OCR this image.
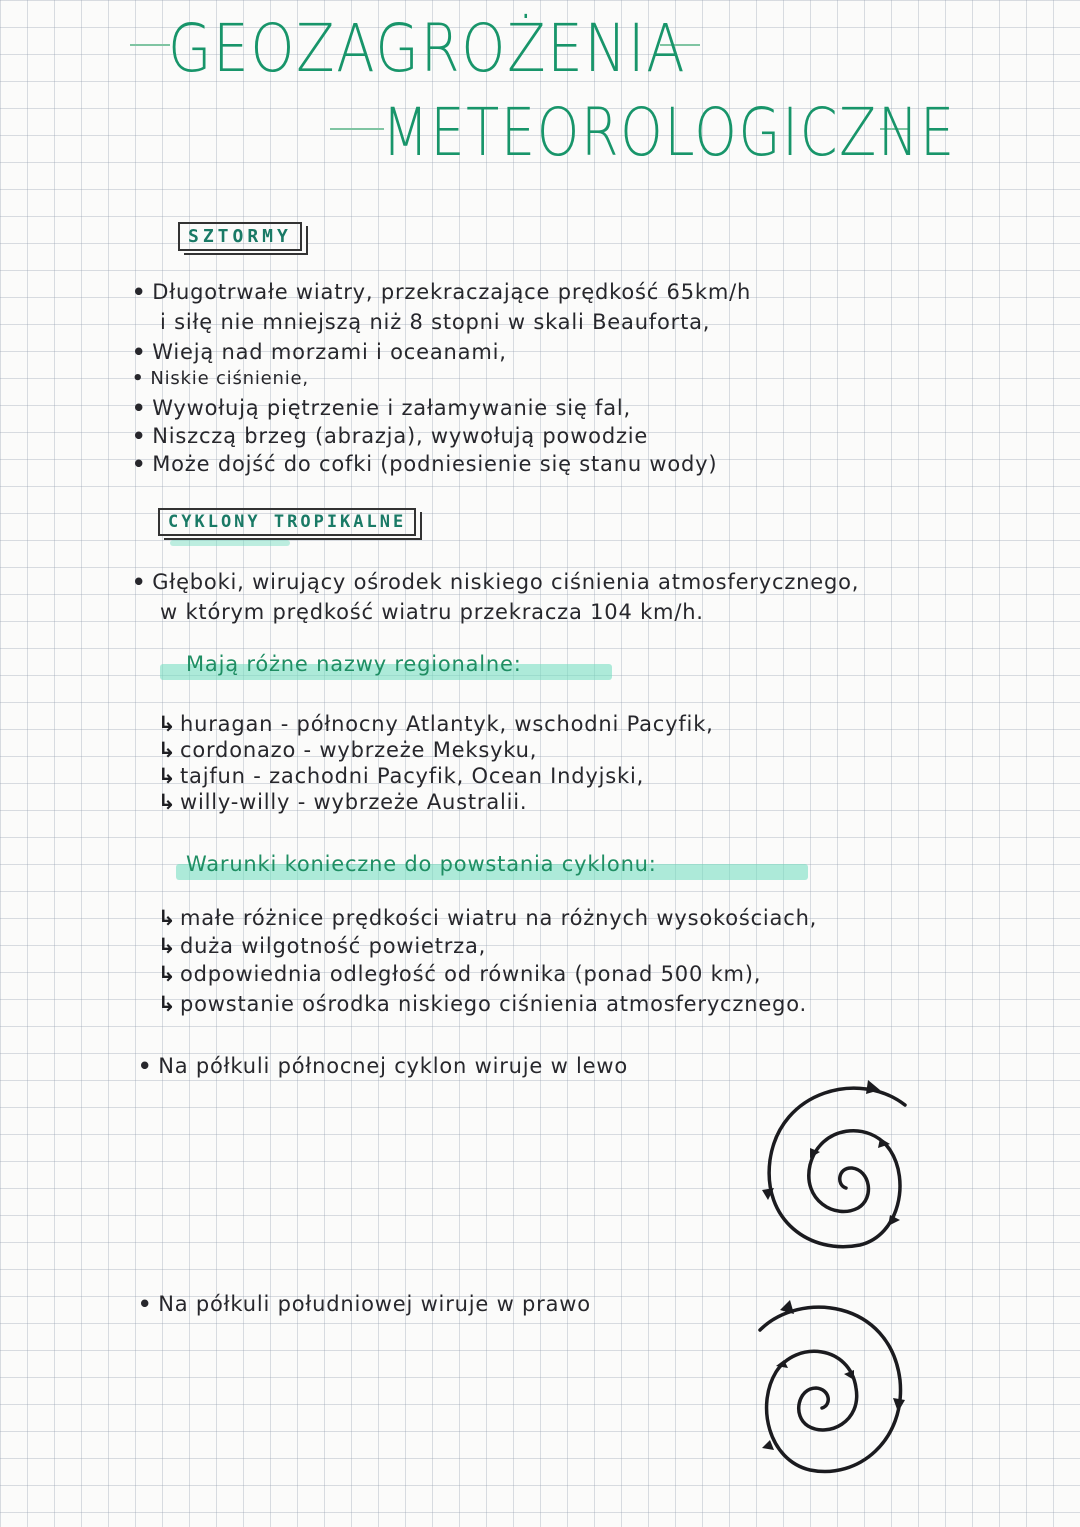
GEOZAGROŻENIA
METEOROLOGICZNE
SZTORMY
• Długotrwałe wiatry, przekraczające prędkość 65km/h
i siłę nie mniejszą niż 8 stopni w skali Beauforta,
• Wieją nad morzami i oceanami,
• Niskie ciśnienie,
• Wywołują piętrzenie i załamywanie się fal,
• Niszczą brzeg (abrazja), wywołują powodzie
• Może dojść do cofki (podniesienie się stanu wody)
CYKLONY TROPIKALNE
• Głęboki, wirujący ośrodek niskiego ciśnienia atmosferycznego,
w którym prędkość wiatru przekracza 104 km/h.
Mają różne nazwy regionalne:
↳ huragan - północny Atlantyk, wschodni Pacyfik,
↳ cordonazo - wybrzeże Meksyku,
↳ tajfun - zachodni Pacyfik, Ocean Indyjski,
↳ willy-willy - wybrzeże Australii.
Warunki konieczne do powstania cyklonu:
↳ małe różnice prędkości wiatru na różnych wysokościach,
↳ duża wilgotność powietrza,
↳ odpowiednia odległość od równika (ponad 500 km),
↳ powstanie ośrodka niskiego ciśnienia atmosferycznego.
• Na półkuli północnej cyklon wiruje w lewo
• Na półkuli południowej wiruje w prawo
